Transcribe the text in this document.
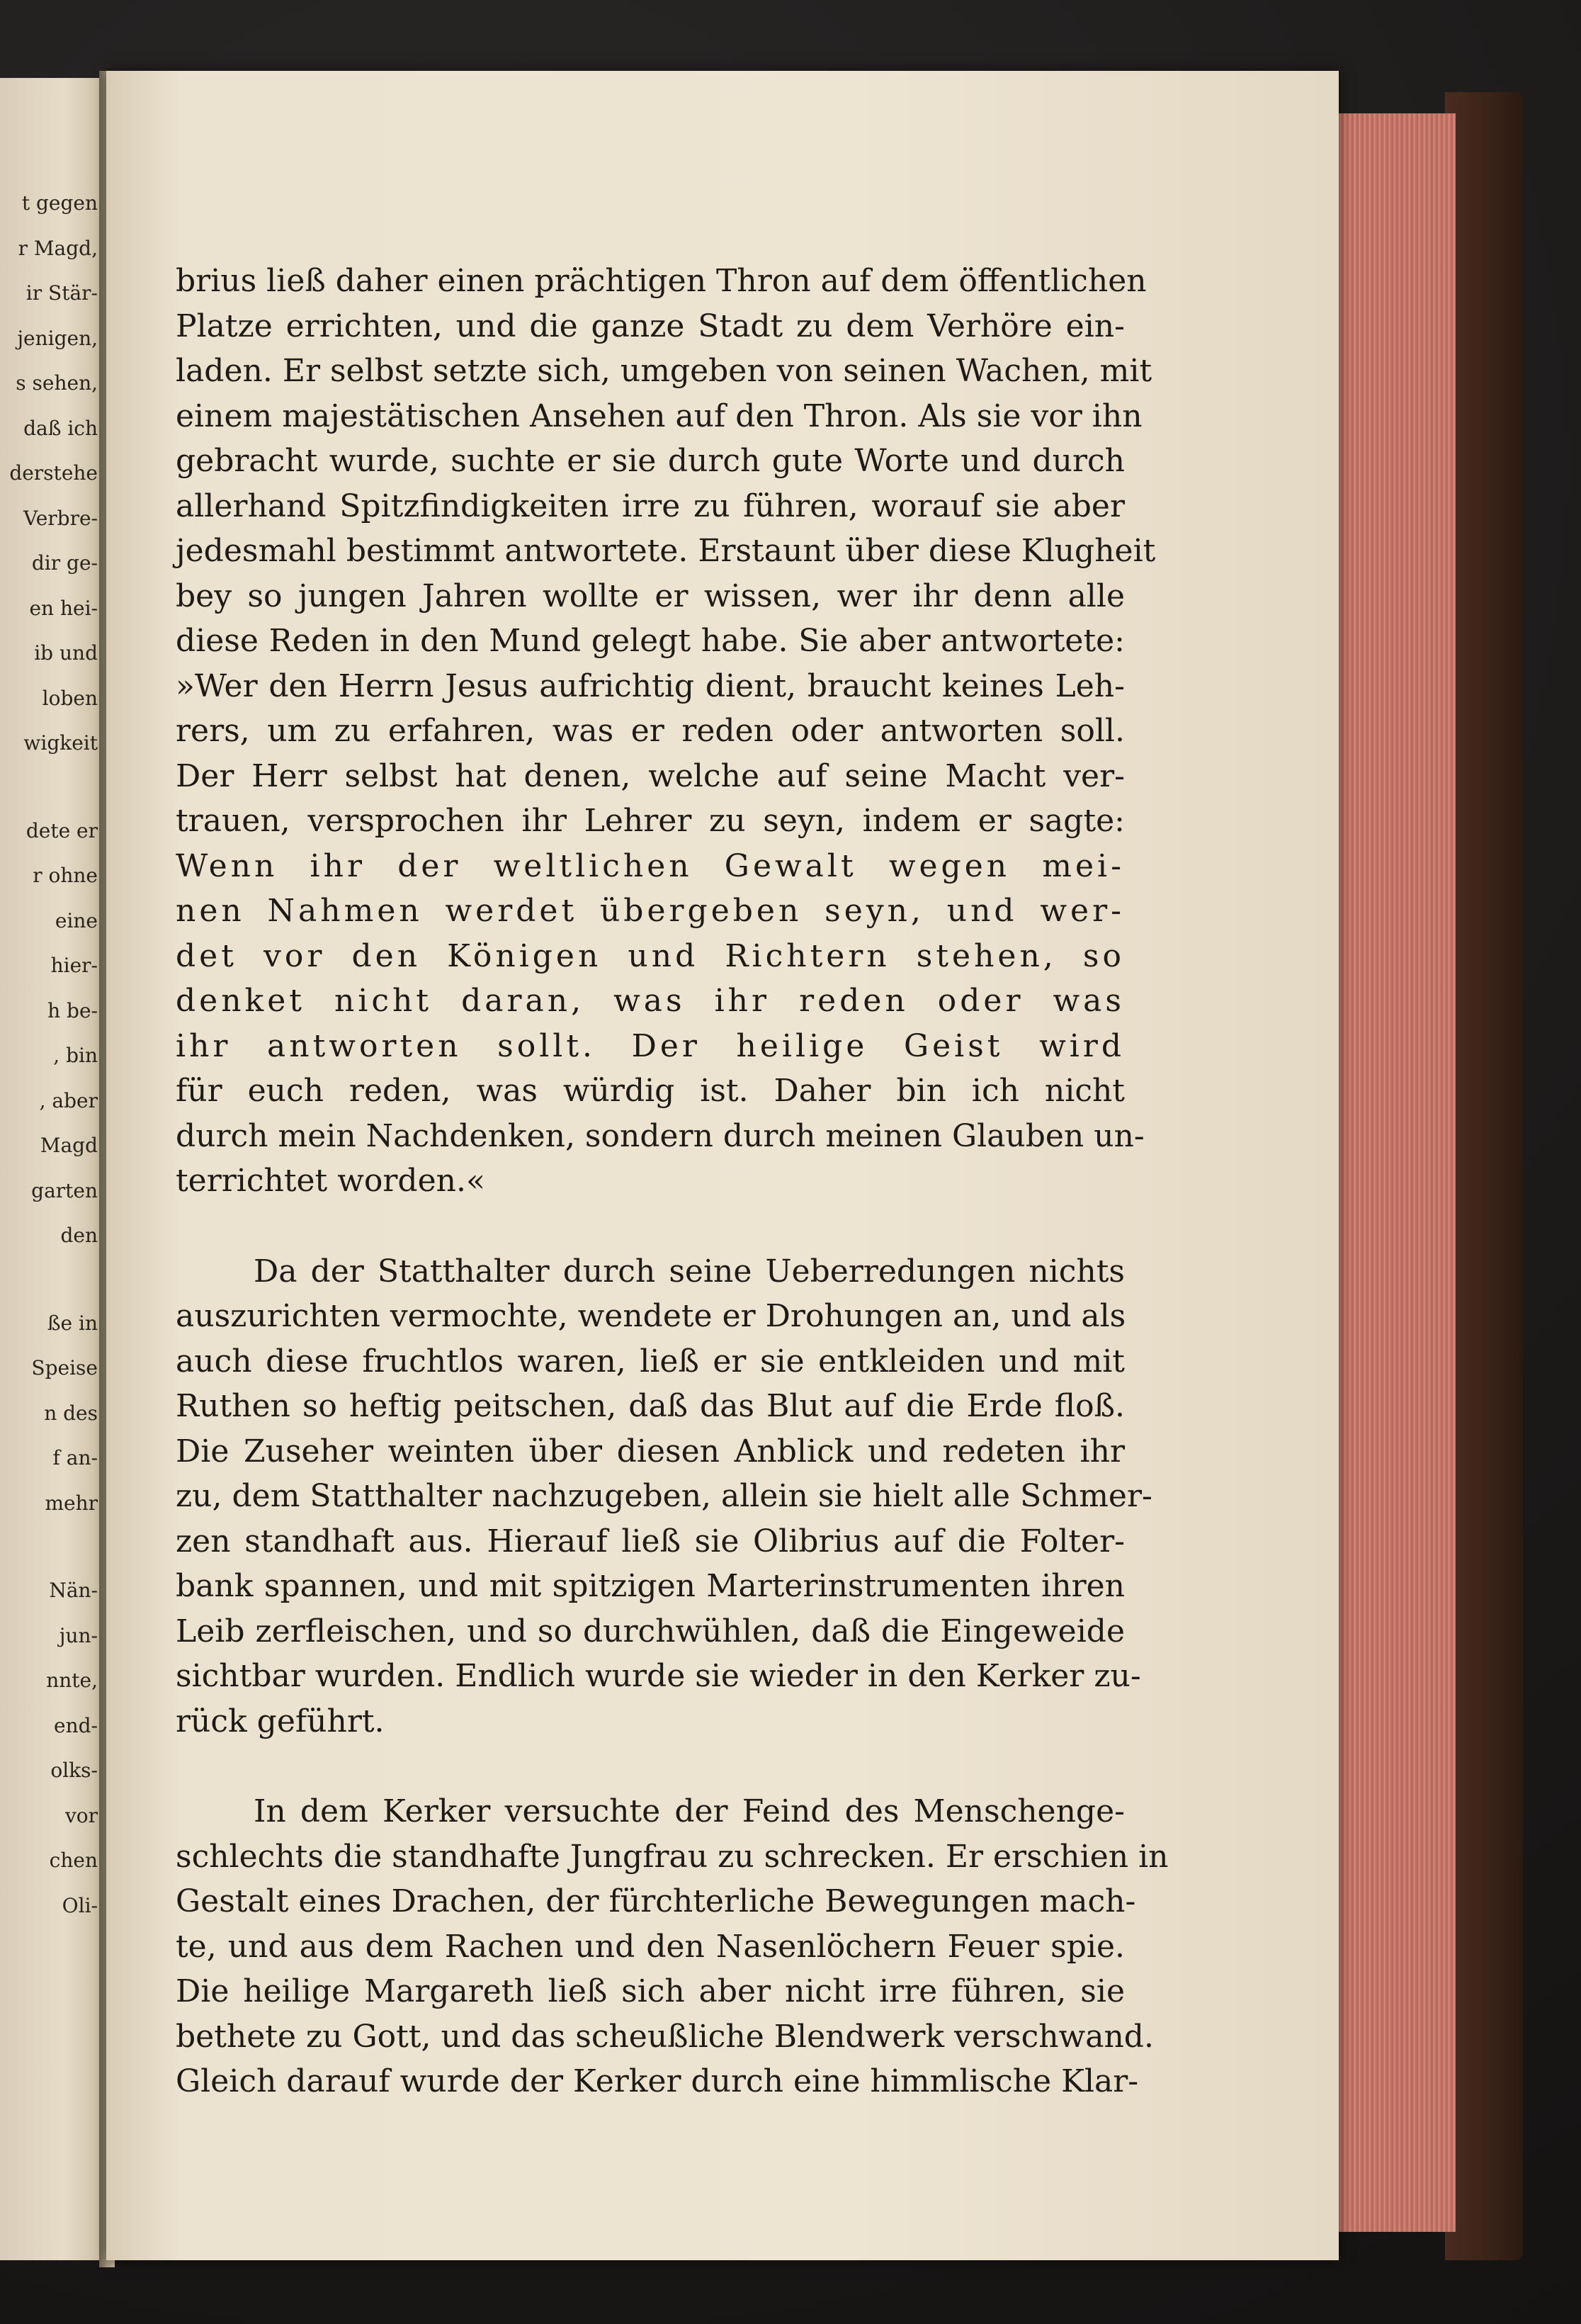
t gegen
r Magd,
ir Stär-
jenigen,
s sehen,
daß ich
derstehe
Verbre-
dir ge-
en hei-
ib und
loben
wigkeit
dete er
r ohne
eine
hier-
h be-
, bin
, aber
Magd
garten
den
ße in
Speise
n des
f an-
mehr
Nän-
jun-
nnte,
end-
olks-
vor
chen
Oli-

brius ließ daher einen prächtigen Thron auf dem öffentlichen

Platze errichten, und die ganze Stadt zu dem Verhöre ein-

laden. Er selbst setzte sich, umgeben von seinen Wachen, mit

einem majestätischen Ansehen auf den Thron. Als sie vor ihn

gebracht wurde, suchte er sie durch gute Worte und durch

allerhand Spitzfindigkeiten irre zu führen, worauf sie aber

jedesmahl bestimmt antwortete. Erstaunt über diese Klugheit

bey so jungen Jahren wollte er wissen, wer ihr denn alle

diese Reden in den Mund gelegt habe. Sie aber antwortete:

»Wer den Herrn Jesus aufrichtig dient, braucht keines Leh-

rers, um zu erfahren, was er reden oder antworten soll.

Der Herr selbst hat denen, welche auf seine Macht ver-

trauen, versprochen ihr Lehrer zu seyn, indem er sagte:

Wenn ihr der weltlichen Gewalt wegen mei-

nen Nahmen werdet übergeben seyn, und wer-

det vor den Königen und Richtern stehen, so

denket nicht daran, was ihr reden oder was

ihr antworten sollt. Der heilige Geist wird

für euch reden, was würdig ist. Daher bin ich nicht

durch mein Nachdenken, sondern durch meinen Glauben un-

terrichtet worden.«

Da der Statthalter durch seine Ueberredungen nichts

auszurichten vermochte, wendete er Drohungen an, und als

auch diese fruchtlos waren, ließ er sie entkleiden und mit

Ruthen so heftig peitschen, daß das Blut auf die Erde floß.

Die Zuseher weinten über diesen Anblick und redeten ihr

zu, dem Statthalter nachzugeben, allein sie hielt alle Schmer-

zen standhaft aus. Hierauf ließ sie Olibrius auf die Folter-

bank spannen, und mit spitzigen Marterinstrumenten ihren

Leib zerfleischen, und so durchwühlen, daß die Eingeweide

sichtbar wurden. Endlich wurde sie wieder in den Kerker zu-

rück geführt.

In dem Kerker versuchte der Feind des Menschenge-

schlechts die standhafte Jungfrau zu schrecken. Er erschien in

Gestalt eines Drachen, der fürchterliche Bewegungen mach-

te, und aus dem Rachen und den Nasenlöchern Feuer spie.

Die heilige Margareth ließ sich aber nicht irre führen, sie

bethete zu Gott, und das scheußliche Blendwerk verschwand.

Gleich darauf wurde der Kerker durch eine himmlische Klar-
